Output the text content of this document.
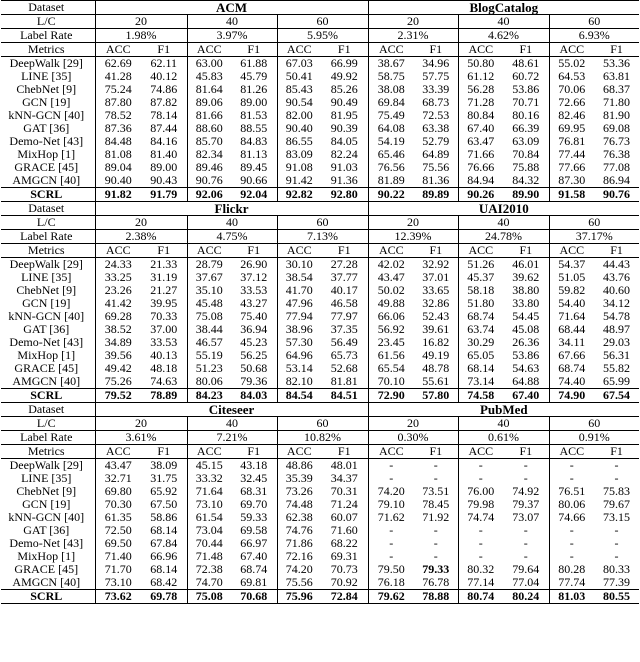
Dataset	ACM						BlogCatalog					
L/C	20		40		60		20		40		60	
Label Rate	1.98%		3.97%		5.95%		2.31%		4.62%		6.93%	
Metrics	ACC	F1	ACC	F1	ACC	F1	ACC	F1	ACC	F1	ACC	F1
DeepWalk [29]	62.69	62.11	63.00	61.88	67.03	66.99	38.67	34.96	50.80	48.61	55.02	53.36
LINE [35]	41.28	40.12	45.83	45.79	50.41	49.92	58.75	57.75	61.12	60.72	64.53	63.81
ChebNet [9]	75.24	74.86	81.64	81.26	85.43	85.26	38.08	33.39	56.28	53.86	70.06	68.37
GCN [19]	87.80	87.82	89.06	89.00	90.54	90.49	69.84	68.73	71.28	70.71	72.66	71.80
kNN-GCN [40]	78.52	78.14	81.66	81.53	82.00	81.95	75.49	72.53	80.84	80.16	82.46	81.90
GAT [36]	87.36	87.44	88.60	88.55	90.40	90.39	64.08	63.38	67.40	66.39	69.95	69.08
Demo-Net [43]	84.48	84.16	85.70	84.83	86.55	84.05	54.19	52.79	63.47	63.09	76.81	76.73
MixHop [1]	81.08	81.40	82.34	81.13	83.09	82.24	65.46	64.89	71.66	70.84	77.44	76.38
GRACE [45]	89.04	89.00	89.46	89.45	91.08	91.03	76.56	75.56	76.66	75.88	77.66	77.08
AMGCN [40]	90.40	90.43	90.76	90.66	91.42	91.36	81.89	81.36	84.94	84.32	87.30	86.94
SCRL	91.82	91.79	92.06	92.04	92.82	92.80	90.22	89.89	90.26	89.90	91.58	90.76
Dataset	Flickr						UAI2010					
L/C	20		40		60		20		40		60	
Label Rate	2.38%		4.75%		7.13%		12.39%		24.78%		37.17%	
Metrics	ACC	F1	ACC	F1	ACC	F1	ACC	F1	ACC	F1	ACC	F1
DeepWalk [29]	24.33	21.33	28.79	26.90	30.10	27.28	42.02	32.92	51.26	46.01	54.37	44.43
LINE [35]	33.25	31.19	37.67	37.12	38.54	37.77	43.47	37.01	45.37	39.62	51.05	43.76
ChebNet [9]	23.26	21.27	35.10	33.53	41.70	40.17	50.02	33.65	58.18	38.80	59.82	40.60
GCN [19]	41.42	39.95	45.48	43.27	47.96	46.58	49.88	32.86	51.80	33.80	54.40	34.12
kNN-GCN [40]	69.28	70.33	75.08	75.40	77.94	77.97	66.06	52.43	68.74	54.45	71.64	54.78
GAT [36]	38.52	37.00	38.44	36.94	38.96	37.35	56.92	39.61	63.74	45.08	68.44	48.97
Demo-Net [43]	34.89	33.53	46.57	45.23	57.30	56.49	23.45	16.82	30.29	26.36	34.11	29.03
MixHop [1]	39.56	40.13	55.19	56.25	64.96	65.73	61.56	49.19	65.05	53.86	67.66	56.31
GRACE [45]	49.42	48.18	51.23	50.68	53.14	52.68	65.54	48.78	68.14	54.63	68.74	55.82
AMGCN [40]	75.26	74.63	80.06	79.36	82.10	81.81	70.10	55.61	73.14	64.88	74.40	65.99
SCRL	79.52	78.89	84.23	84.03	84.54	84.51	72.90	57.80	74.58	67.40	74.90	67.54
Dataset	Citeseer						PubMed					
L/C	20		40		60		20		40		60	
Label Rate	3.61%		7.21%		10.82%		0.30%		0.61%		0.91%	
Metrics	ACC	F1	ACC	F1	ACC	F1	ACC	F1	ACC	F1	ACC	F1
DeepWalk [29]	43.47	38.09	45.15	43.18	48.86	48.01	-	-	-	-	-	-
LINE [35]	32.71	31.75	33.32	32.45	35.39	34.37	-	-	-	-	-	-
ChebNet [9]	69.80	65.92	71.64	68.31	73.26	70.31	74.20	73.51	76.00	74.92	76.51	75.83
GCN [19]	70.30	67.50	73.10	69.70	74.48	71.24	79.10	78.45	79.98	79.37	80.06	79.67
kNN-GCN [40]	61.35	58.86	61.54	59.33	62.38	60.07	71.62	71.92	74.74	73.07	74.66	73.15
GAT [36]	72.50	68.14	73.04	69.58	74.76	71.60	-	-	-	-	-	-
Demo-Net [43]	69.50	67.84	70.44	66.97	71.86	68.22	-	-	-	-	-	-
MixHop [1]	71.40	66.96	71.48	67.40	72.16	69.31	-	-	-	-	-	-
GRACE [45]	71.70	68.14	72.38	68.74	74.20	70.73	79.50	79.33	80.32	79.64	80.28	80.33
AMGCN [40]	73.10	68.42	74.70	69.81	75.56	70.92	76.18	76.78	77.14	77.04	77.74	77.39
SCRL	73.62	69.78	75.08	70.68	75.96	72.84	79.62	78.88	80.74	80.24	81.03	80.55
